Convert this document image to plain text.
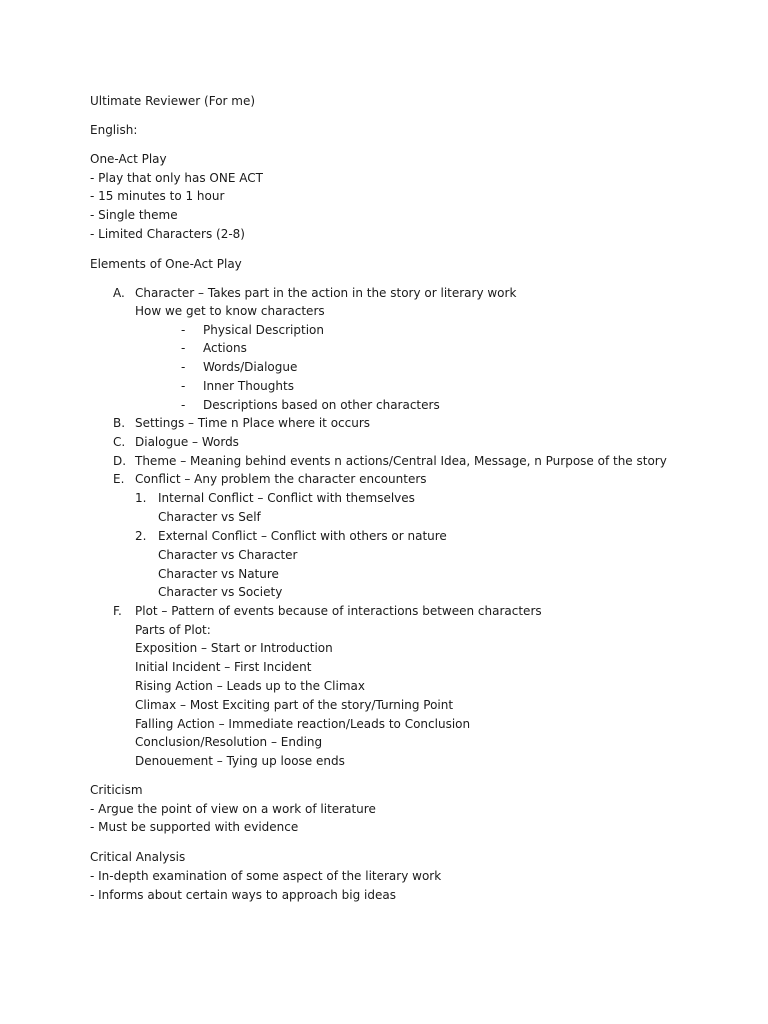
Ultimate Reviewer (For me)
English:
One-Act Play
- Play that only has ONE ACT
- 15 minutes to 1 hour
- Single theme
- Limited Characters (2-8)
Elements of One-Act Play
A. Character – Takes part in the action in the story or literary work
How we get to know characters
- Physical Description
- Actions
- Words/Dialogue
- Inner Thoughts
- Descriptions based on other characters
B. Settings – Time n Place where it occurs
C. Dialogue – Words
D. Theme – Meaning behind events n actions/Central Idea, Message, n Purpose of the story
E. Conflict – Any problem the character encounters
1. Internal Conflict – Conflict with themselves
Character vs Self
2. External Conflict – Conflict with others or nature
Character vs Character
Character vs Nature
Character vs Society
F. Plot – Pattern of events because of interactions between characters
Parts of Plot:
Exposition – Start or Introduction
Initial Incident – First Incident
Rising Action – Leads up to the Climax
Climax – Most Exciting part of the story/Turning Point
Falling Action – Immediate reaction/Leads to Conclusion
Conclusion/Resolution – Ending
Denouement – Tying up loose ends
Criticism
- Argue the point of view on a work of literature
- Must be supported with evidence
Critical Analysis
- In-depth examination of some aspect of the literary work
- Informs about certain ways to approach big ideas
